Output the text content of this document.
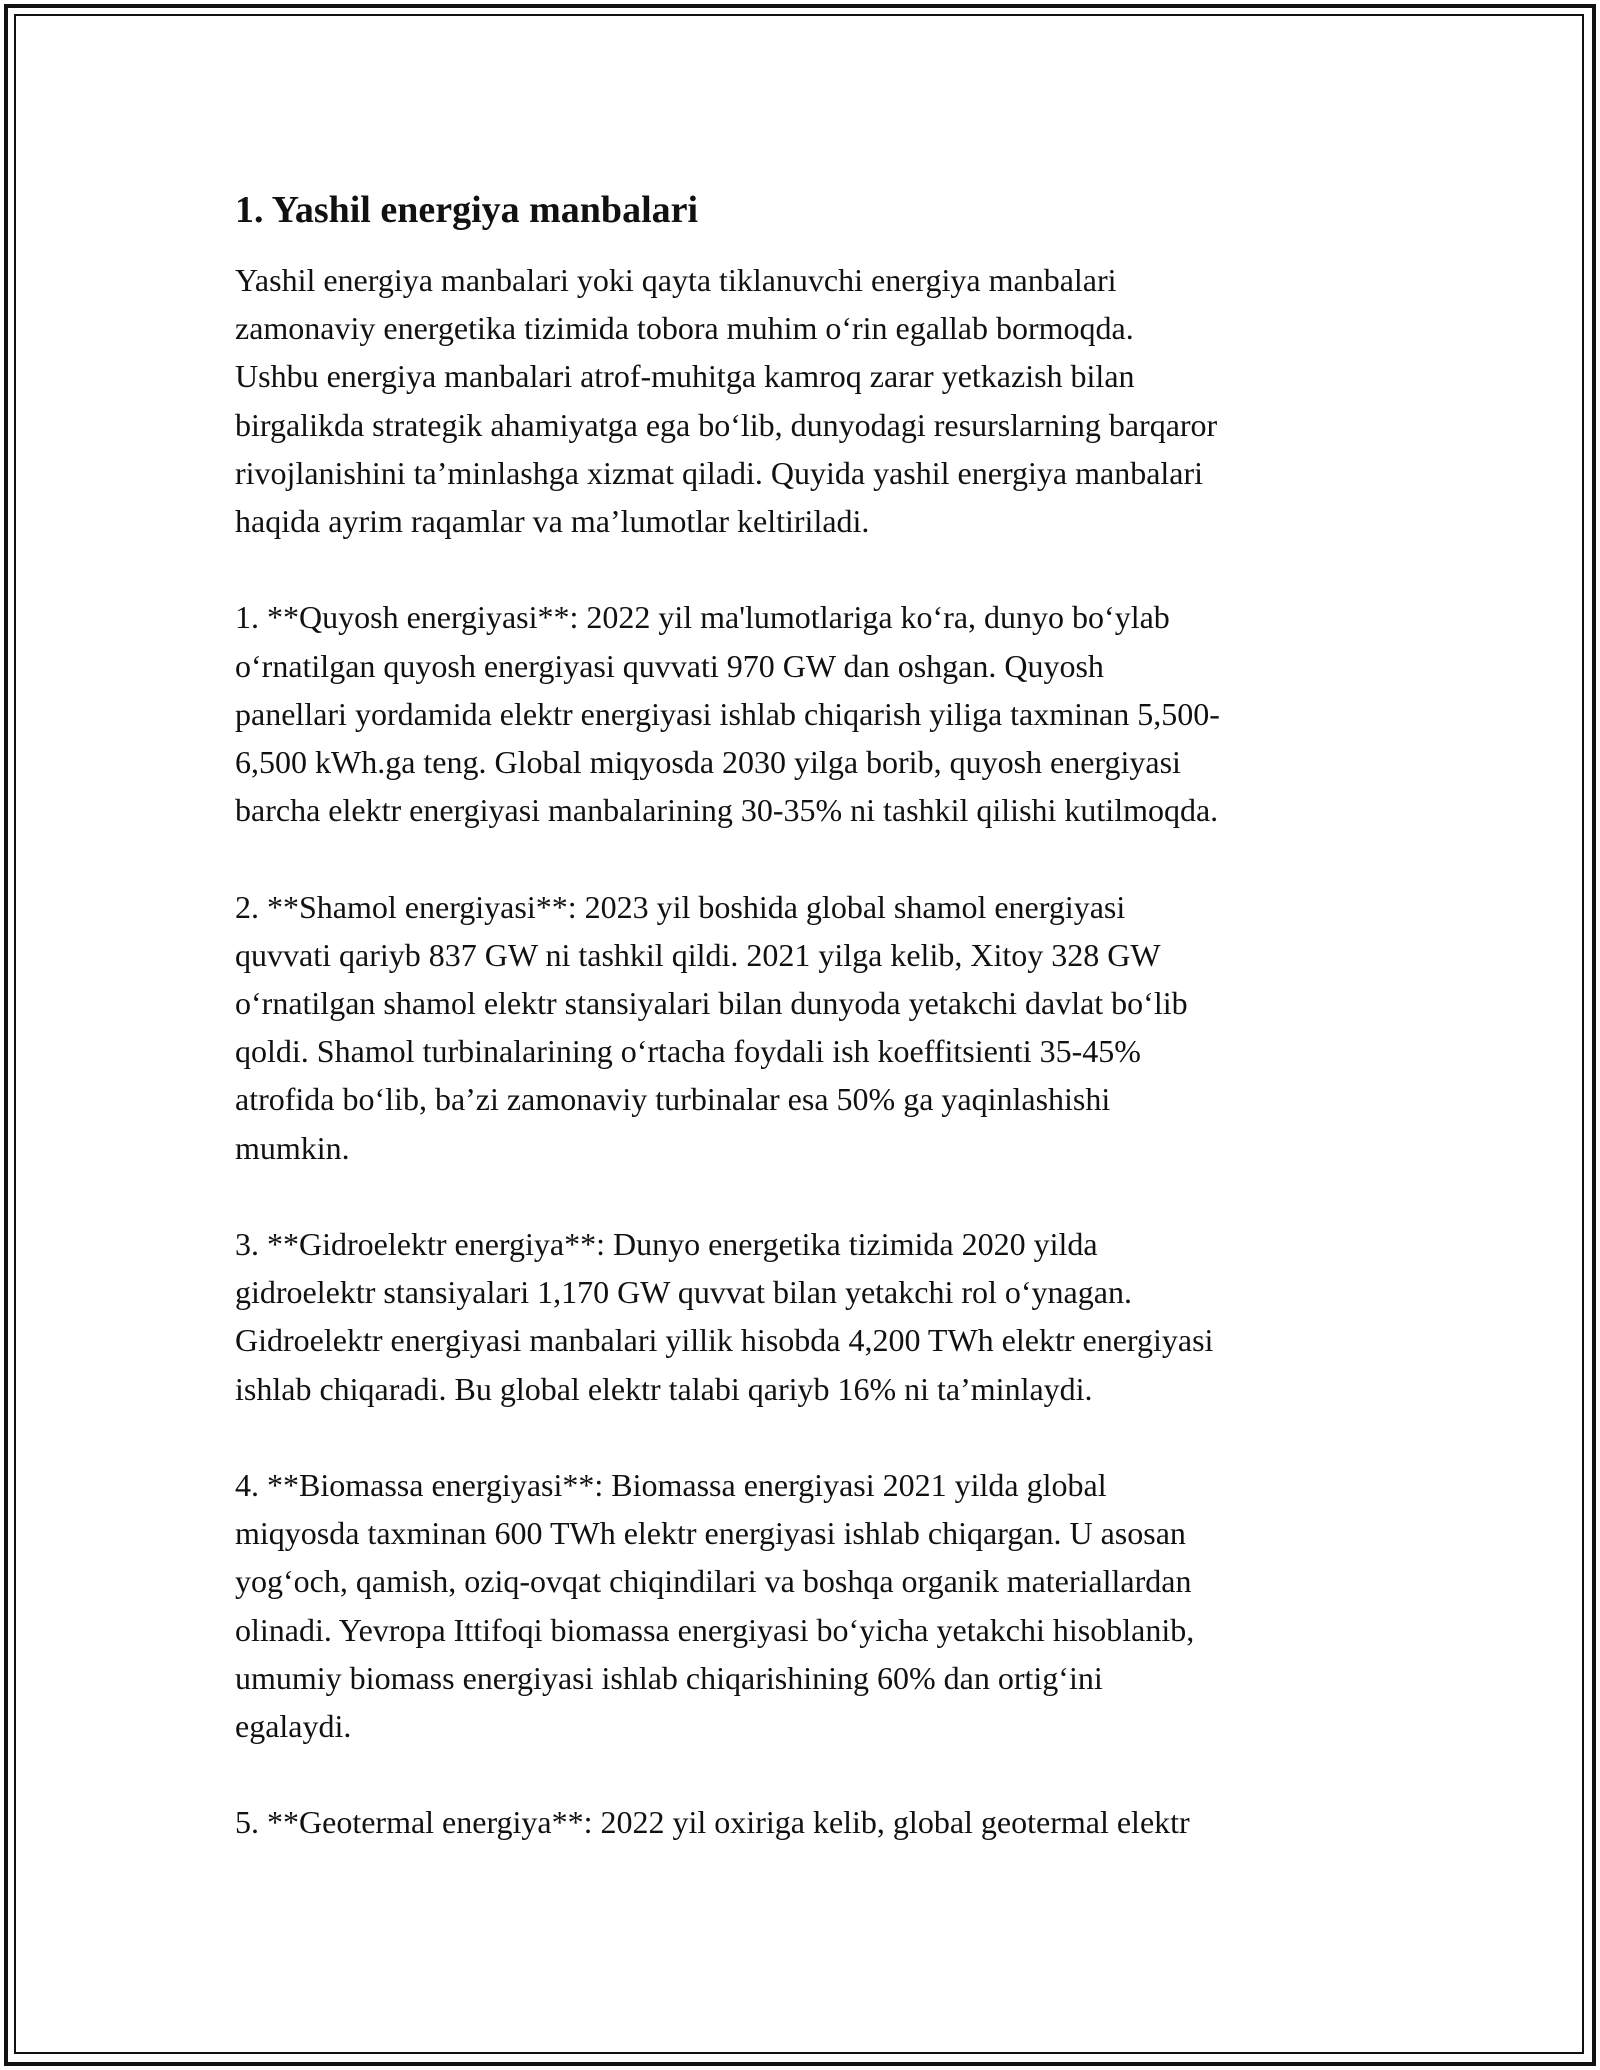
1. Yashil energiya manbalari

Yashil energiya manbalari yoki qayta tiklanuvchi energiya manbalari
zamonaviy energetika tizimida tobora muhim oʻrin egallab bormoqda.
Ushbu energiya manbalari atrof-muhitga kamroq zarar yetkazish bilan
birgalikda strategik ahamiyatga ega boʻlib, dunyodagi resurslarning barqaror
rivojlanishini taʼminlashga xizmat qiladi. Quyida yashil energiya manbalari
haqida ayrim raqamlar va maʼlumotlar keltiriladi.

1. **Quyosh energiyasi**: 2022 yil ma'lumotlariga koʻra, dunyo boʻylab
oʻrnatilgan quyosh energiyasi quvvati 970 GW dan oshgan. Quyosh
panellari yordamida elektr energiyasi ishlab chiqarish yiliga taxminan 5,500-
6,500 kWh.ga teng. Global miqyosda 2030 yilga borib, quyosh energiyasi
barcha elektr energiyasi manbalarining 30-35% ni tashkil qilishi kutilmoqda.

2. **Shamol energiyasi**: 2023 yil boshida global shamol energiyasi
quvvati qariyb 837 GW ni tashkil qildi. 2021 yilga kelib, Xitoy 328 GW
oʻrnatilgan shamol elektr stansiyalari bilan dunyoda yetakchi davlat boʻlib
qoldi. Shamol turbinalarining oʻrtacha foydali ish koeffitsienti 35-45%
atrofida boʻlib, baʼzi zamonaviy turbinalar esa 50% ga yaqinlashishi
mumkin.

3. **Gidroelektr energiya**: Dunyo energetika tizimida 2020 yilda
gidroelektr stansiyalari 1,170 GW quvvat bilan yetakchi rol oʻynagan.
Gidroelektr energiyasi manbalari yillik hisobda 4,200 TWh elektr energiyasi
ishlab chiqaradi. Bu global elektr talabi qariyb 16% ni taʼminlaydi.

4. **Biomassa energiyasi**: Biomassa energiyasi 2021 yilda global
miqyosda taxminan 600 TWh elektr energiyasi ishlab chiqargan. U asosan
yogʻoch, qamish, oziq-ovqat chiqindilari va boshqa organik materiallardan
olinadi. Yevropa Ittifoqi biomassa energiyasi boʻyicha yetakchi hisoblanib,
umumiy biomass energiyasi ishlab chiqarishining 60% dan ortigʻini
egalaydi.

5. **Geotermal energiya**: 2022 yil oxiriga kelib, global geotermal elektr
